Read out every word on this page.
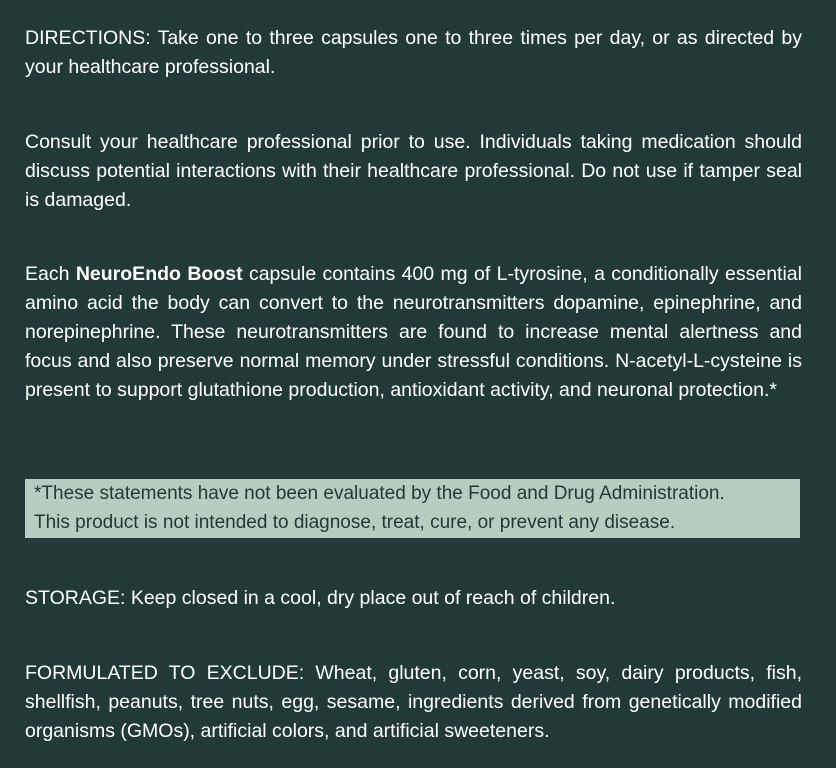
DIRECTIONS: Take one to three capsules one to three times per day, or as directed by your healthcare professional.

Consult your healthcare professional prior to use. Individuals taking medication should discuss potential interactions with their healthcare professional. Do not use if tamper seal is damaged.

Each NeuroEndo Boost capsule contains 400 mg of L-tyrosine, a conditionally essential amino acid the body can convert to the neurotransmitters dopamine, epinephrine, and norepinephrine. These neurotransmitters are found to increase mental alertness and focus and also preserve normal memory under stressful conditions. N-acetyl-L-cysteine is present to support glutathione production, antioxidant activity, and neuronal protection.*

*These statements have not been evaluated by the Food and Drug Administration.

This product is not intended to diagnose, treat, cure, or prevent any disease.

STORAGE: Keep closed in a cool, dry place out of reach of children.

FORMULATED TO EXCLUDE: Wheat, gluten, corn, yeast, soy, dairy products, fish, shellfish, peanuts, tree nuts, egg, sesame, ingredients derived from genetically modified organisms (GMOs), artificial colors, and artificial sweeteners.
